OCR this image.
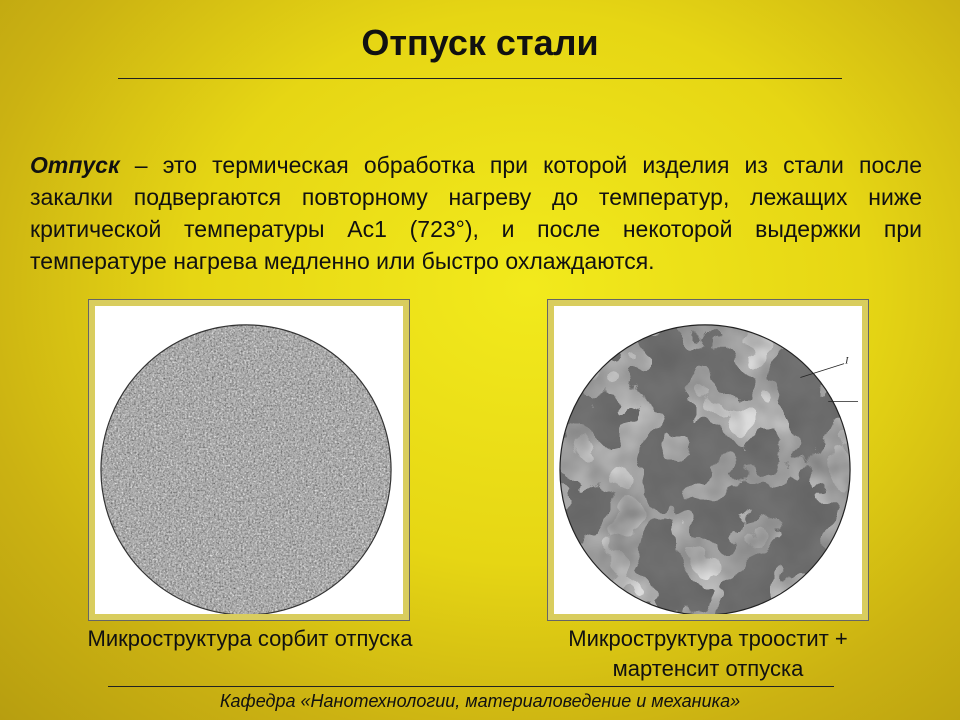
Отпуск стали

Отпуск – это термическая обработка при которой изделия из стали после закалки подвергаются повторному нагреву до температур, лежащих ниже критической температуры Ас1 (723°), и после некоторой выдержки при температуре нагрева медленно или быстро охлаждаются.

Микроструктура сорбит отпуска
I
Микроструктура троостит +
мартенсит отпуска
Кафедра «Нанотехнологии, материаловедение и механика»
